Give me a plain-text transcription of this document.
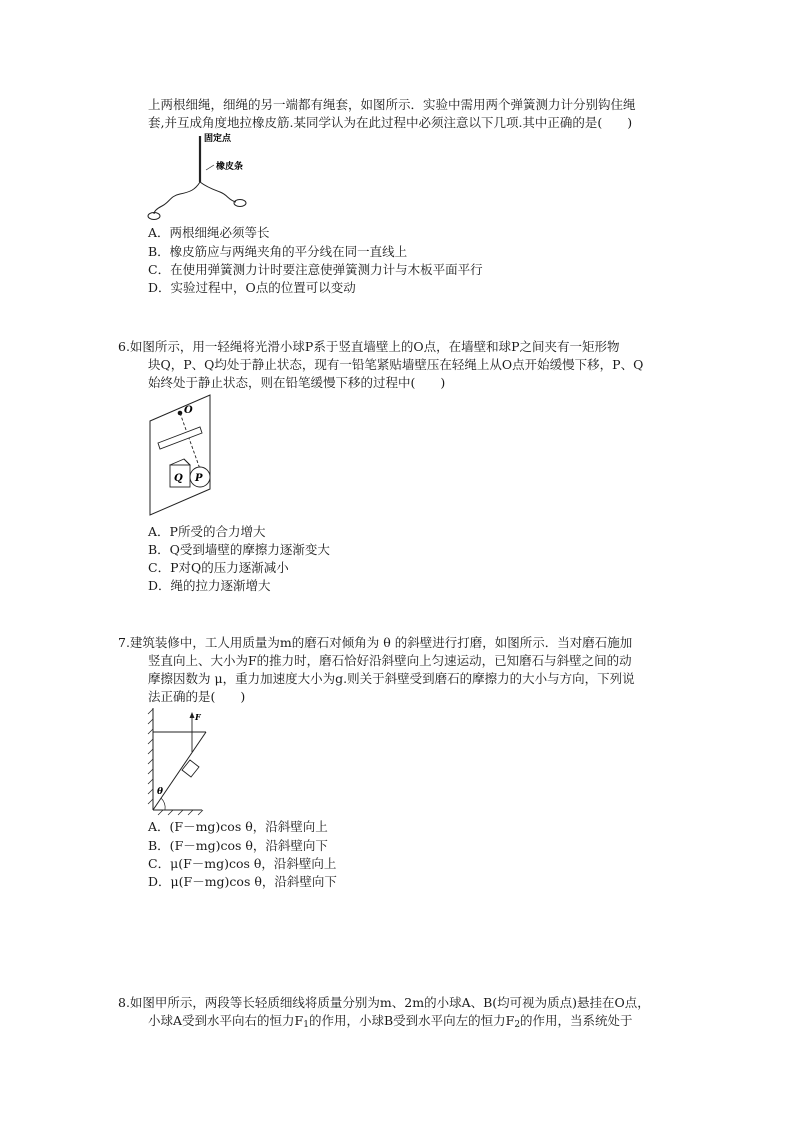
上两根细绳，细绳的另一端都有绳套，如图所示．实验中需用两个弹簧测力计分别钩住绳
套,并互成角度地拉橡皮筋.某同学认为在此过程中必须注意以下几项.其中正确的是(　　)
固定点
橡皮条
A．两根细绳必须等长
B．橡皮筋应与两绳夹角的平分线在同一直线上
C．在使用弹簧测力计时要注意使弹簧测力计与木板平面平行
D．实验过程中，O点的位置可以变动
6.如图所示，用一轻绳将光滑小球P系于竖直墙壁上的O点，在墙壁和球P之间夹有一矩形物
块Q，P、Q均处于静止状态，现有一铅笔紧贴墙壁压在轻绳上从O点开始缓慢下移，P、Q
始终处于静止状态，则在铅笔缓慢下移的过程中(　　)
O
Q P
A．P所受的合力增大
B．Q受到墙壁的摩擦力逐渐变大
C．P对Q的压力逐渐减小
D．绳的拉力逐渐增大
7.建筑装修中，工人用质量为m的磨石对倾角为 θ 的斜壁进行打磨，如图所示．当对磨石施加
竖直向上、大小为F的推力时，磨石恰好沿斜壁向上匀速运动，已知磨石与斜壁之间的动
摩擦因数为 μ，重力加速度大小为g.则关于斜壁受到磨石的摩擦力的大小与方向，下列说
法正确的是(　　)
F
θ
A．(F－mg)cos θ，沿斜壁向上
B．(F－mg)cos θ，沿斜壁向下
C．μ(F－mg)cos θ，沿斜壁向上
D．μ(F－mg)cos θ，沿斜壁向下
8.如图甲所示，两段等长轻质细线将质量分别为m、2m的小球A、B(均可视为质点)悬挂在O点，
小球A受到水平向右的恒力$F_1$的作用，小球B受到水平向左的恒力$F_2$的作用，当系统处于
